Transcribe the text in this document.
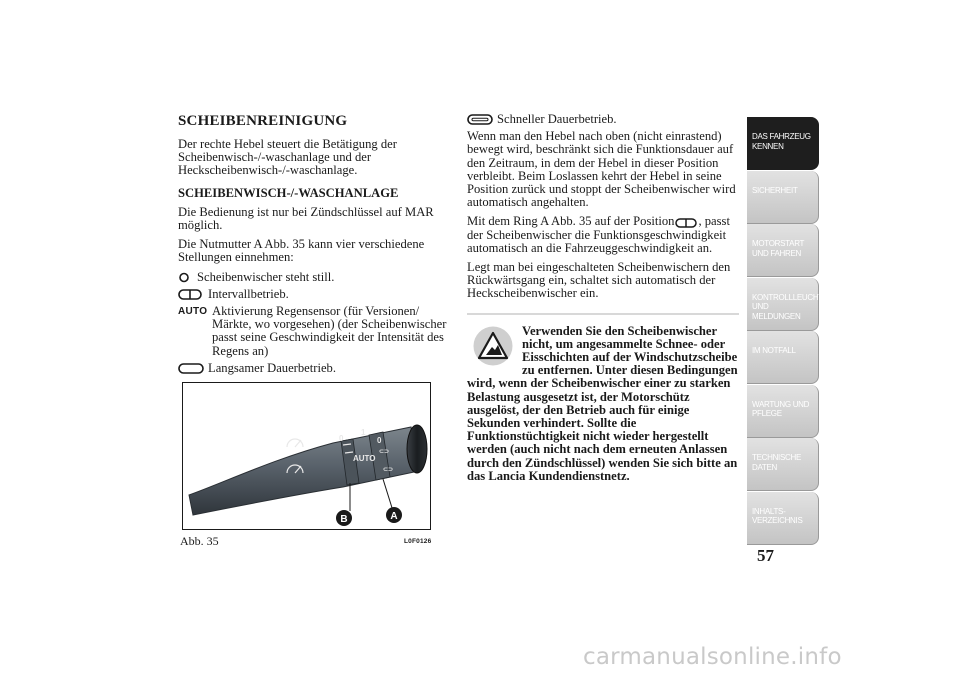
SCHEIBENREINIGUNG

Der rechte Hebel steuert die Betätigung der Scheibenwisch-/-waschanlage und der Heckscheibenwisch-/-waschanlage.

SCHEIBENWISCH-/-WASCHANLAGE

Die Bedienung ist nur bei Zündschlüssel auf MAR möglich.

Die Nutmutter A Abb. 35 kann vier verschiedene Stellungen einnehmen:

Scheibenwischer steht still.
Intervallbetrieb.
AUTO Aktivierung Regensensor (für Versionen/ Märkte, wo vorgesehen) (der Scheibenwischer passt seine Geschwindigkeit der Intensität des Regens an)
Langsamer Dauerbetrieb.
0
1
0
⊂⊃
AUTO
⊂⊃
B	A
Abb. 35	L0F0126
Schneller Dauerbetrieb.

Wenn man den Hebel nach oben (nicht einrastend) bewegt wird, beschränkt sich die Funktionsdauer auf den Zeitraum, in dem der Hebel in dieser Position verbleibt. Beim Loslassen kehrt der Hebel in seine Position zurück und stoppt der Scheibenwischer wird automatisch angehalten.

Mit dem Ring A Abb. 35 auf der Position , passt der Scheibenwischer die Funktionsgeschwindigkeit automatisch an die Fahrzeuggeschwindigkeit an.

Legt man bei eingeschalteten Scheibenwischern den Rückwärtsgang ein, schaltet sich automatisch der Heckscheibenwischer ein.

Verwenden Sie den Scheibenwischer nicht, um angesammelte Schnee- oder Eisschichten auf der Windschutzscheibe zu entfernen. Unter diesen Bedingungen wird, wenn der Scheibenwischer einer zu starken Belastung ausgesetzt ist, der Motorschütz ausgelöst, der den Betrieb auch für einige Sekunden verhindert. Sollte die Funktionstüchtigkeit nicht wieder hergestellt werden (auch nicht nach dem erneuten Anlassen durch den Zündschlüssel) wenden Sie sich bitte an das Lancia Kundendienstnetz.
DAS FAHRZEUG KENNEN
SICHERHEIT
MOTORSTART UND FAHREN
KONTROLLLEUCHTEN UND MELDUNGEN
IM NOTFALL
WARTUNG UND PFLEGE
TECHNISCHE DATEN
INHALTS- VERZEICHNIS
57
carmanualsonline.info
